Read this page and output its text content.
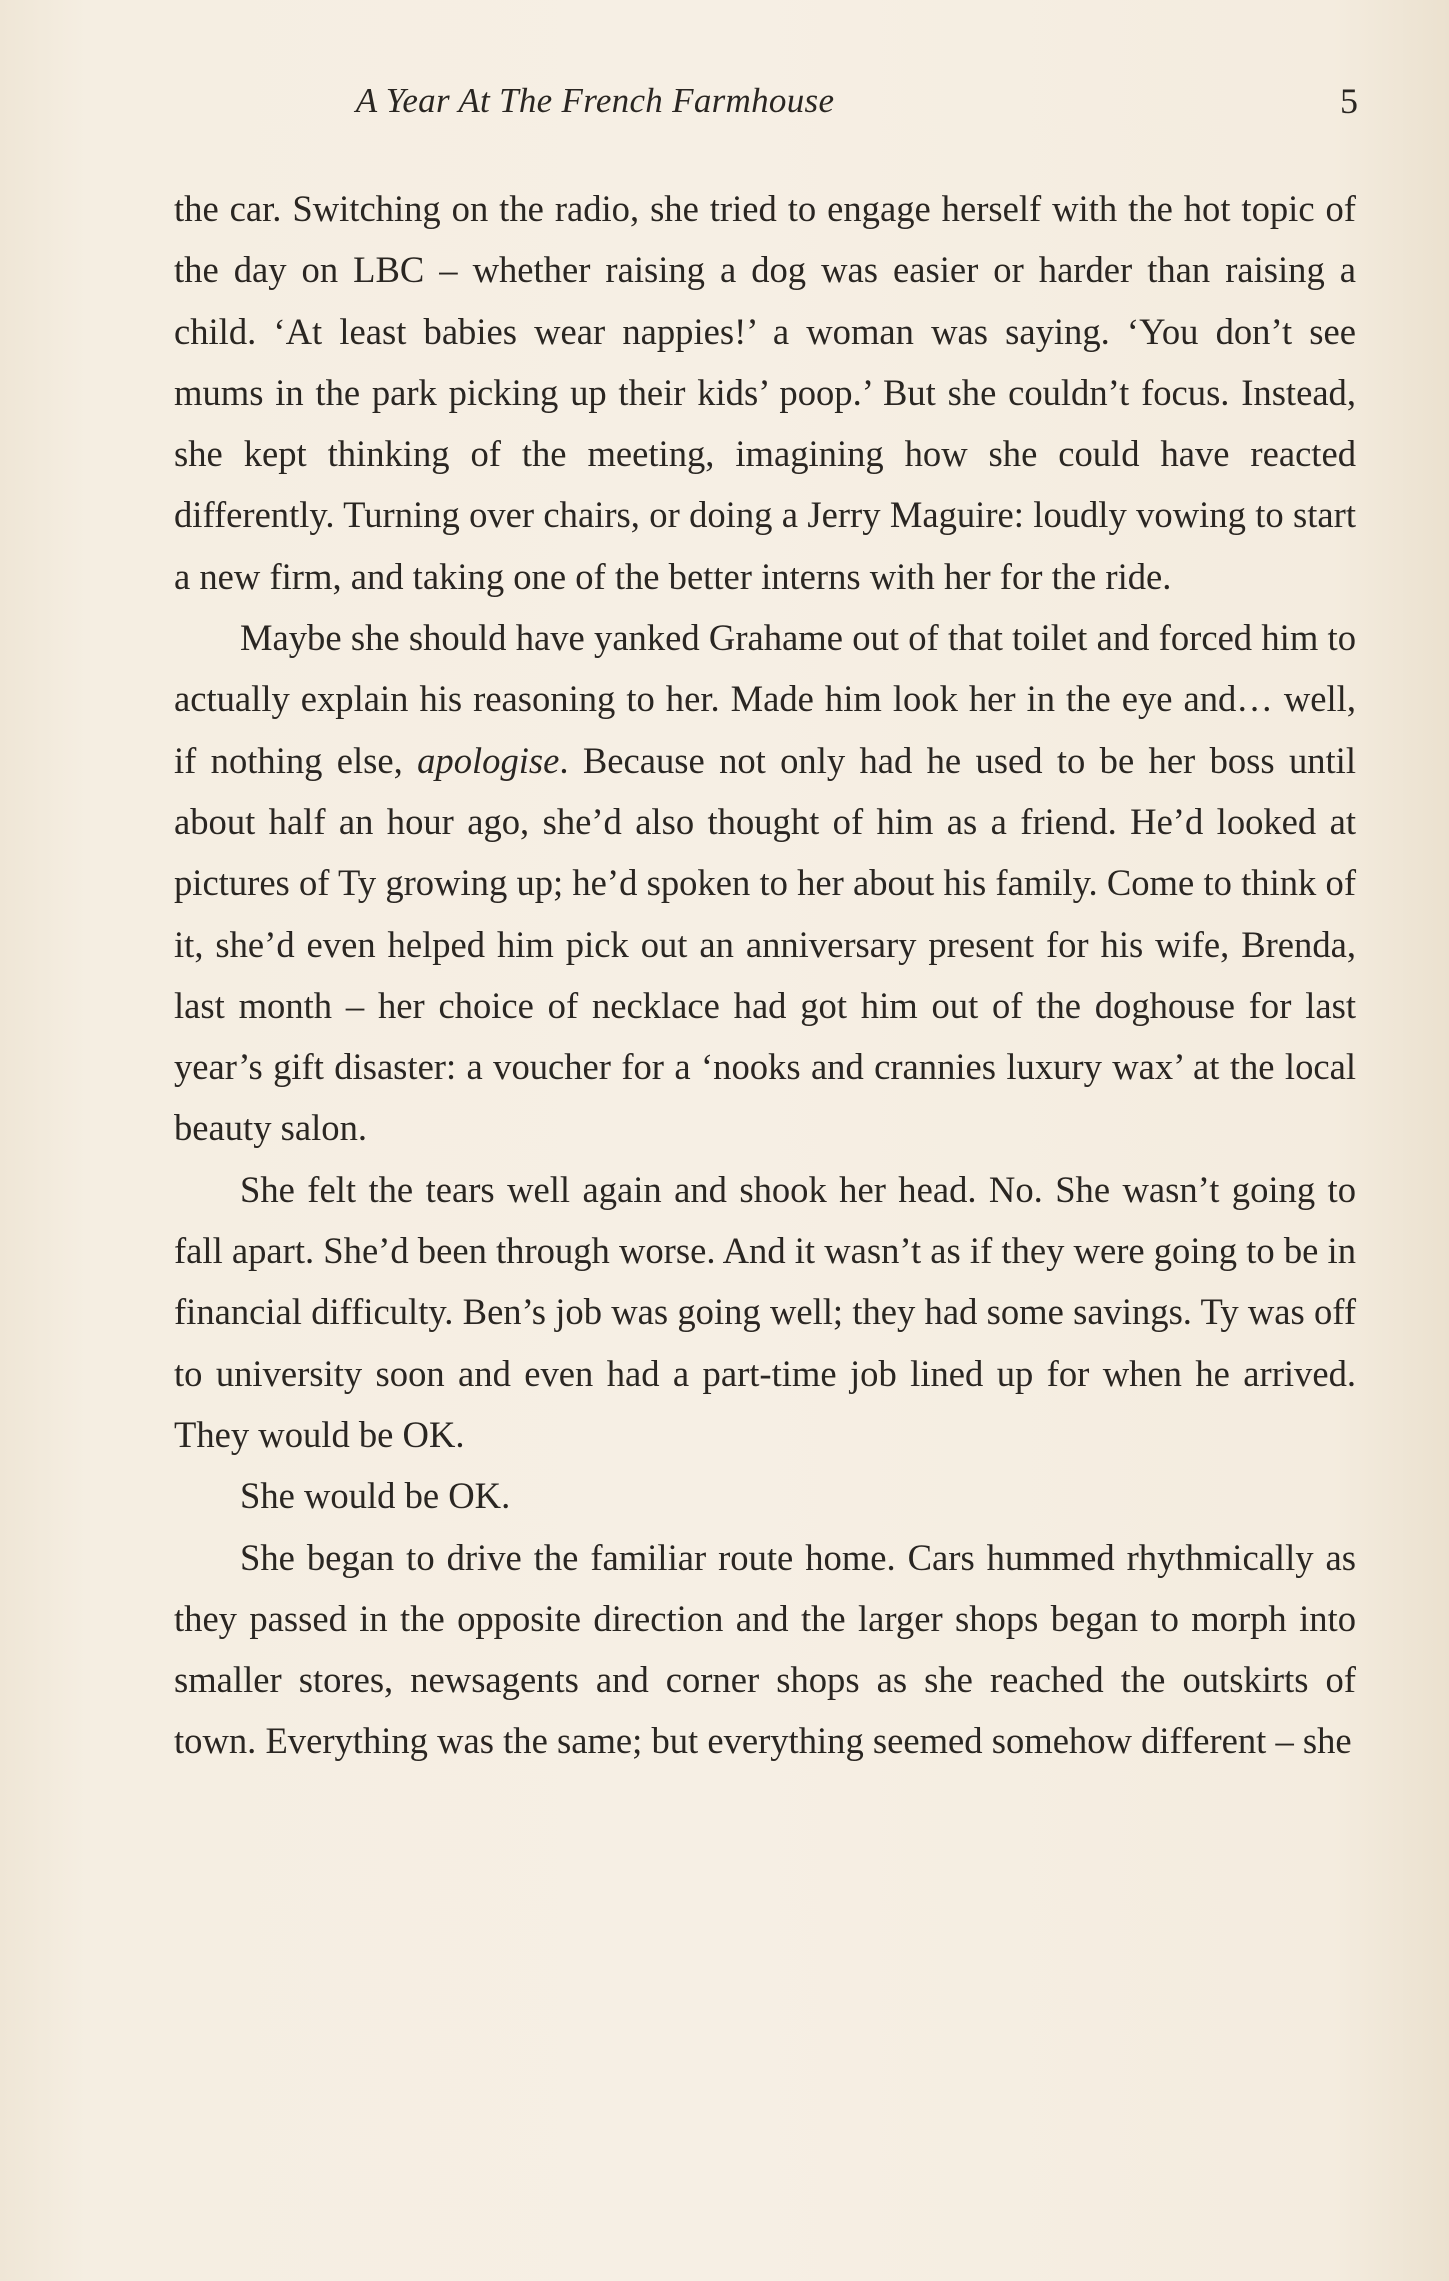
A Year At The French Farmhouse	5

the car. Switching on the radio, she tried to engage herself with the hot topic of the day on LBC – whether raising a dog was easier or harder than raising a child. ‘At least babies wear nappies!’ a woman was saying. ‘You don’t see mums in the park picking up their kids’ poop.’ But she couldn’t focus. Instead, she kept thinking of the meeting, imagining how she could have reacted differently. Turning over chairs, or doing a Jerry Maguire: loudly vowing to start a new firm, and taking one of the better interns with her for the ride.

Maybe she should have yanked Grahame out of that toilet and forced him to actually explain his reasoning to her. Made him look her in the eye and… well, if nothing else, apologise. Because not only had he used to be her boss until about half an hour ago, she’d also thought of him as a friend. He’d looked at pictures of Ty growing up; he’d spoken to her about his family. Come to think of it, she’d even helped him pick out an anniversary present for his wife, Brenda, last month – her choice of necklace had got him out of the doghouse for last year’s gift disaster: a voucher for a ‘nooks and crannies luxury wax’ at the local beauty salon.

She felt the tears well again and shook her head. No. She wasn’t going to fall apart. She’d been through worse. And it wasn’t as if they were going to be in financial difficulty. Ben’s job was going well; they had some savings. Ty was off to university soon and even had a part-time job lined up for when he arrived. They would be OK.

She would be OK.

She began to drive the familiar route home. Cars hummed rhythmically as they passed in the opposite direction and the larger shops began to morph into smaller stores, newsagents and corner shops as she reached the outskirts of town. Everything was the same; but everything seemed somehow different – she
